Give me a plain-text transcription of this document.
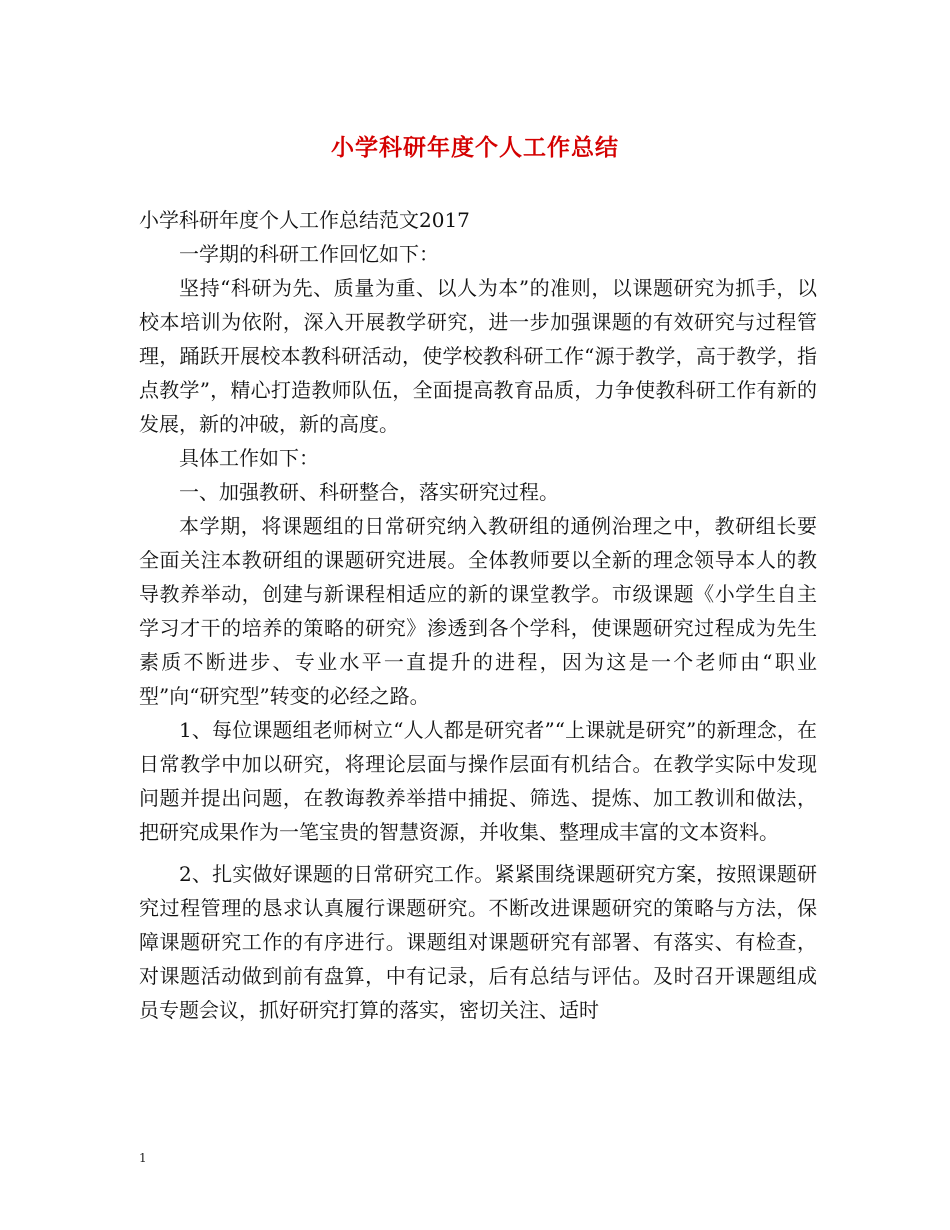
小学科研年度个人工作总结

小学科研年度个人工作总结范文2017

一学期的科研工作回忆如下：

坚持“科研为先、质量为重、以人为本”的准则，以课题研究为抓手，以校本培训为依附，深入开展教学研究，进一步加强课题的有效研究与过程管理，踊跃开展校本教科研活动，使学校教科研工作“源于教学，高于教学，指点教学”，精心打造教师队伍，全面提高教育品质，力争使教科研工作有新的发展，新的冲破，新的高度。

具体工作如下：

一、加强教研、科研整合，落实研究过程。

本学期，将课题组的日常研究纳入教研组的通例治理之中，教研组长要全面关注本教研组的课题研究进展。全体教师要以全新的理念领导本人的教导教养举动，创建与新课程相适应的新的课堂教学。市级课题《小学生自主学习才干的培养的策略的研究》渗透到各个学科，使课题研究过程成为先生素质不断进步、专业水平一直提升的进程，因为这是一个老师由“职业型”向“研究型”转变的必经之路。

1、每位课题组老师树立“人人都是研究者”“上课就是研究”的新理念，在日常教学中加以研究，将理论层面与操作层面有机结合。在教学实际中发现问题并提出问题，在教诲教养举措中捕捉、筛选、提炼、加工教训和做法，把研究成果作为一笔宝贵的智慧资源，并收集、整理成丰富的文本资料。

2、扎实做好课题的日常研究工作。紧紧围绕课题研究方案，按照课题研究过程管理的恳求认真履行课题研究。不断改进课题研究的策略与方法，保障课题研究工作的有序进行。课题组对课题研究有部署、有落实、有检查，对课题活动做到前有盘算，中有记录，后有总结与评估。及时召开课题组成员专题会议，抓好研究打算的落实，密切关注、适时

1
